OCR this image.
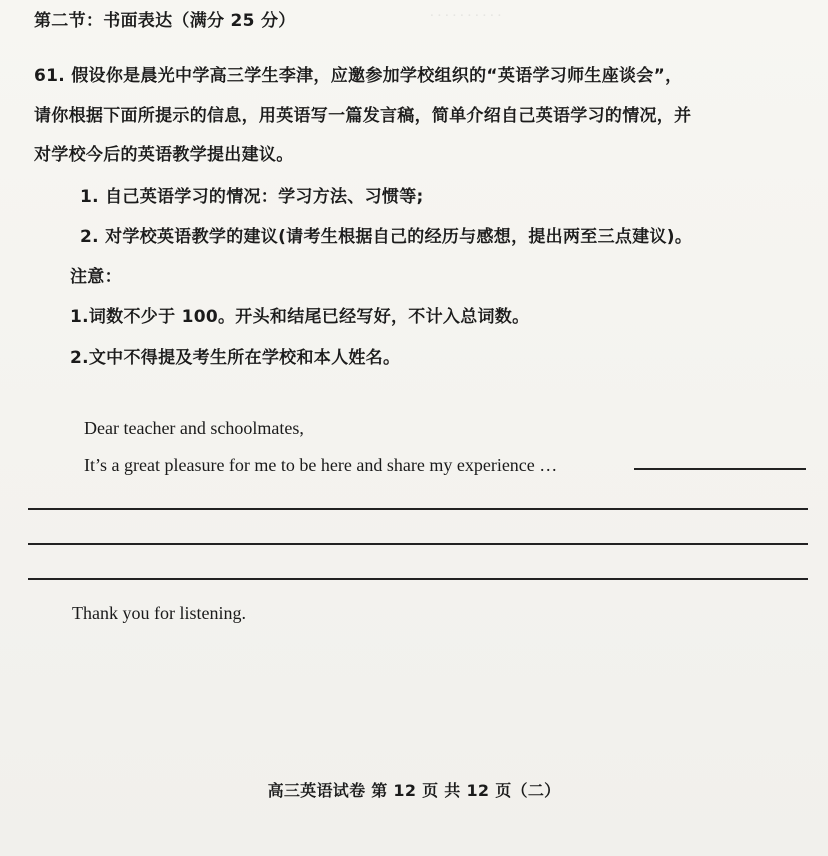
. . . . . . . . . .
第二节：书面表达（满分 25 分）
61. 假设你是晨光中学高三学生李津，应邀参加学校组织的“英语学习师生座谈会”，
请你根据下面所提示的信息，用英语写一篇发言稿，简单介绍自己英语学习的情况，并
对学校今后的英语教学提出建议。
1. 自己英语学习的情况：学习方法、习惯等;
2. 对学校英语教学的建议(请考生根据自己的经历与感想，提出两至三点建议)。
注意：
1.词数不少于 100。开头和结尾已经写好，不计入总词数。
2.文中不得提及考生所在学校和本人姓名。
Dear teacher and schoolmates,
It’s a great pleasure for me to be here and share my experience …
Thank you for listening.
高三英语试卷 第 12 页 共 12 页（二）
